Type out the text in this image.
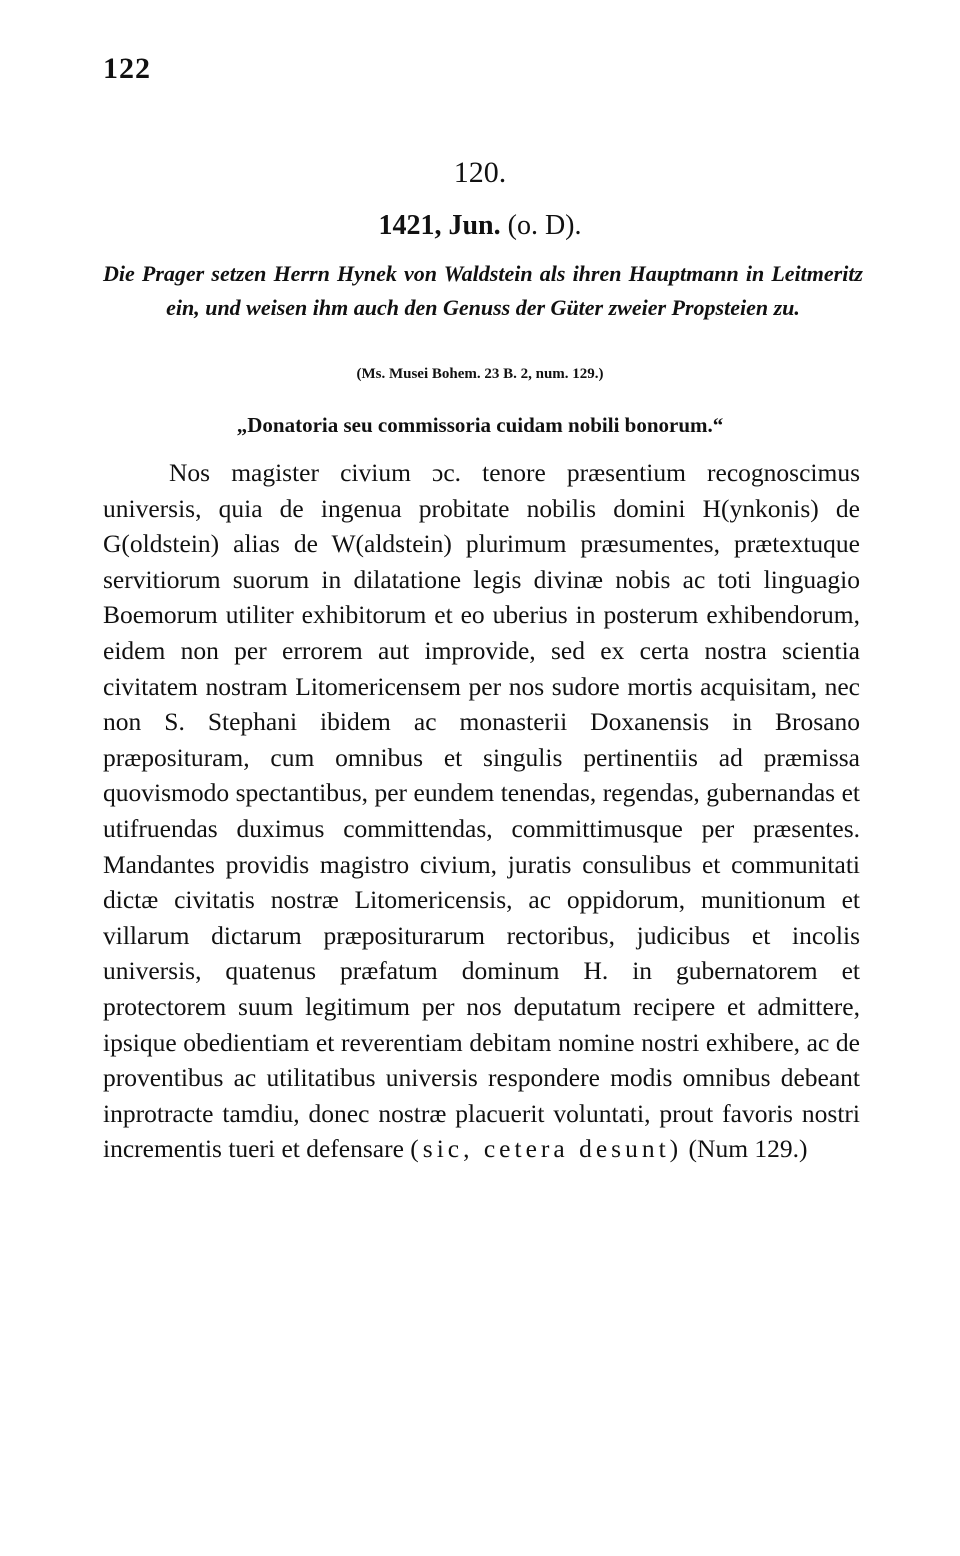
122
120.
1421, Jun. (o. D).
Die Prager setzen Herrn Hynek von Waldstein als ihren Hauptmann in Leitmeritz ein, und weisen ihm auch den Genuss der Güter zweier Propsteien zu.
(Ms. Musei Bohem. 23 B. 2, num. 129.)
„Donatoria seu commissoria cuidam nobili bonorum.“

Nos magister civium ɔc. tenore præsentium recognoscimus universis, quia de ingenua probitate nobilis domini H(ynkonis) de G(oldstein) alias de W(aldstein) plurimum præsumentes, prætextuque servitiorum suorum in dilatatione legis divinæ nobis ac toti linguagio Boemorum utiliter exhibitorum et eo uberius in posterum exhibendorum, eidem non per errorem aut improvide, sed ex certa nostra scientia civitatem nostram Litomericensem per nos sudore mortis acquisitam, nec non S. Stephani ibidem ac monasterii Doxanensis in Brosano præposituram, cum omnibus et singulis pertinentiis ad præmissa quovismodo spectantibus, per eundem tenendas, regendas, gubernandas et utifruendas duximus committendas, committimusque per præsentes. Mandantes providis magistro civium, juratis consulibus et communitati dictæ civitatis nostræ Litomericensis, ac oppidorum, munitionum et villarum dictarum præpositurarum rectoribus, judicibus et incolis universis, quatenus præfatum dominum H. in gubernatorem et protectorem suum legitimum per nos deputatum recipere et admittere, ipsique obedientiam et reverentiam debitam nomine nostri exhibere, ac de proventibus ac utilitatibus universis respondere modis omnibus debeant inprotracte tamdiu, donec nostræ placuerit voluntati, prout favoris nostri incrementis tueri et defensare (sic, cetera desunt) (Num 129.)
